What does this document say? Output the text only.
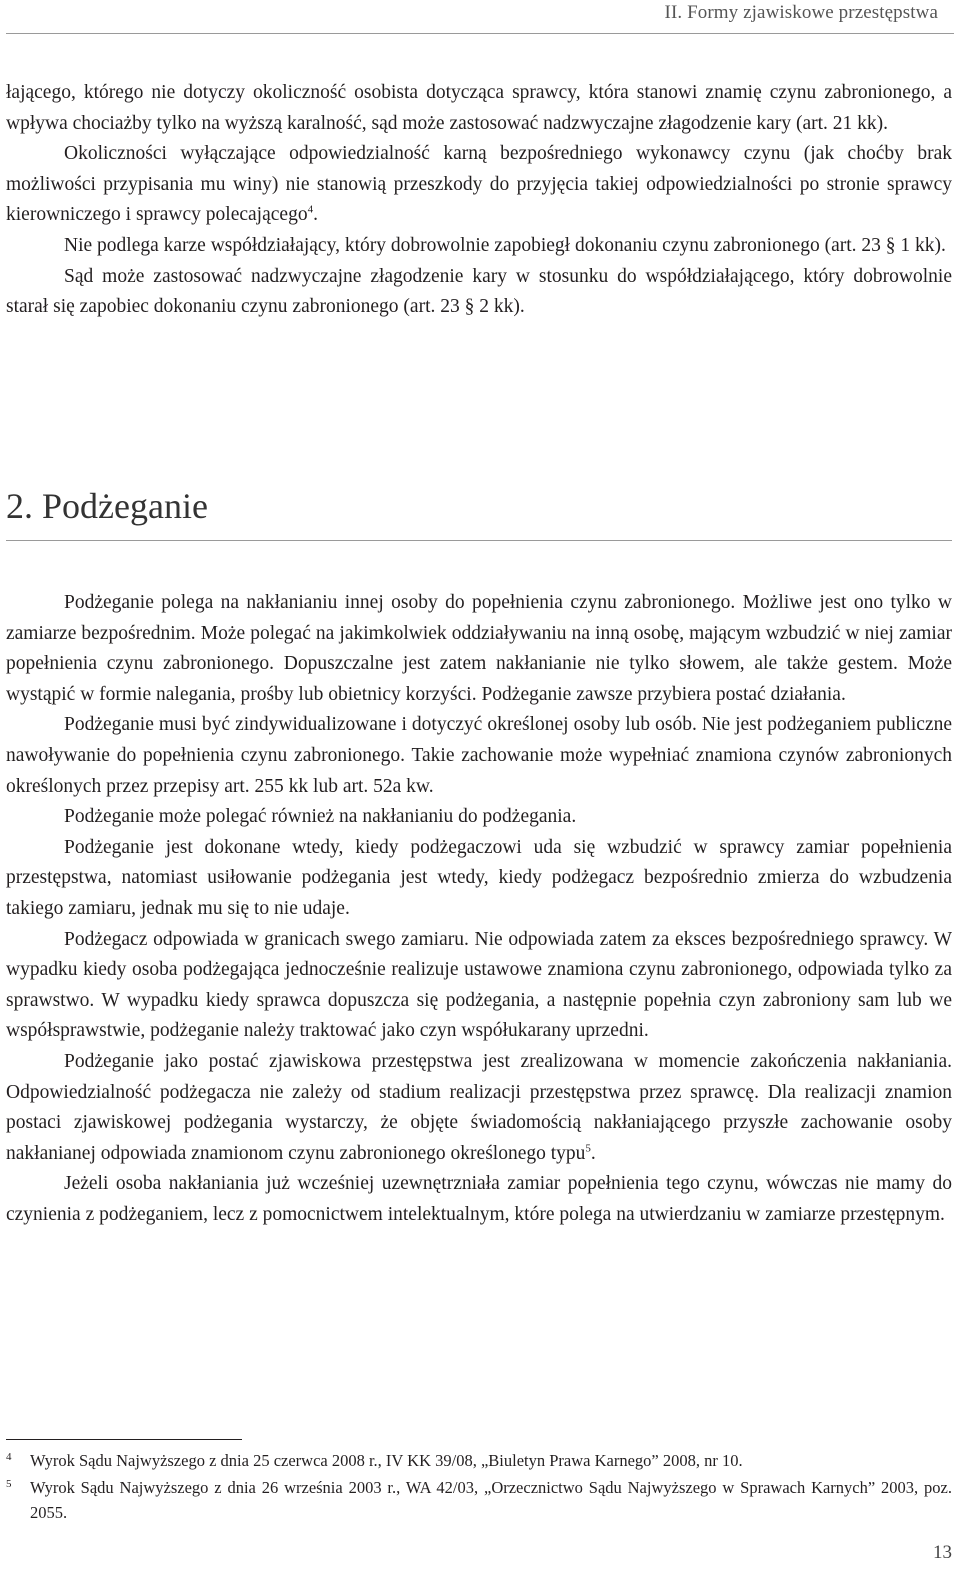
II. Formy zjawiskowe przestępstwa

łającego, którego nie dotyczy okoliczność osobista dotycząca sprawcy, która stanowi znamię czynu zabronionego, a wpływa chociażby tylko na wyższą karalność, sąd może zastosować nadzwyczajne złagodzenie kary (art. 21 kk).

Okoliczności wyłączające odpowiedzialność karną bezpośredniego wykonawcy czynu (jak choćby brak możliwości przypisania mu winy) nie stanowią przeszkody do przyjęcia takiej odpowiedzialności po stronie sprawcy kierowniczego i sprawcy polecającego$^4$.

Nie podlega karze współdziałający, który dobrowolnie zapobiegł dokonaniu czynu zabronionego (art. 23 § 1 kk).

Sąd może zastosować nadzwyczajne złagodzenie kary w stosunku do współdziałającego, który dobrowolnie starał się zapobiec dokonaniu czynu zabronionego (art. 23 § 2 kk).

2. Podżeganie

Podżeganie polega na nakłanianiu innej osoby do popełnienia czynu zabronionego. Możliwe jest ono tylko w zamiarze bezpośrednim. Może polegać na jakimkolwiek oddziaływaniu na inną osobę, mającym wzbudzić w niej zamiar popełnienia czynu zabronionego. Dopuszczalne jest zatem nakłanianie nie tylko słowem, ale także gestem. Może wystąpić w formie nalegania, prośby lub obietnicy korzyści. Podżeganie zawsze przybiera postać działania.

Podżeganie musi być zindywidualizowane i dotyczyć określonej osoby lub osób. Nie jest podżeganiem publiczne nawoływanie do popełnienia czynu zabronionego. Takie zachowanie może wypełniać znamiona czynów zabronionych określonych przez przepisy art. 255 kk lub art. 52a kw.

Podżeganie może polegać również na nakłanianiu do podżegania.

Podżeganie jest dokonane wtedy, kiedy podżegaczowi uda się wzbudzić w sprawcy zamiar popełnienia przestępstwa, natomiast usiłowanie podżegania jest wtedy, kiedy podżegacz bezpośrednio zmierza do wzbudzenia takiego zamiaru, jednak mu się to nie udaje.

Podżegacz odpowiada w granicach swego zamiaru. Nie odpowiada zatem za eksces bezpośredniego sprawcy. W wypadku kiedy osoba podżegająca jednocześnie realizuje ustawowe znamiona czynu zabronionego, odpowiada tylko za sprawstwo. W wypadku kiedy sprawca dopuszcza się podżegania, a następnie popełnia czyn zabroniony sam lub we współsprawstwie, podżeganie należy traktować jako czyn współukarany uprzedni.

Podżeganie jako postać zjawiskowa przestępstwa jest zrealizowana w momencie zakończenia nakłaniania. Odpowiedzialność podżegacza nie zależy od stadium realizacji przestępstwa przez sprawcę. Dla realizacji znamion postaci zjawiskowej podżegania wystarczy, że objęte świadomością nakłaniającego przyszłe zachowanie osoby nakłanianej odpowiada znamionom czynu zabronionego określonego typu$^5$.

Jeżeli osoba nakłaniania już wcześniej uzewnętrzniała zamiar popełnienia tego czynu, wówczas nie mamy do czynienia z podżeganiem, lecz z pomocnictwem intelektualnym, które polega na utwierdzaniu w zamiarze przestępnym.

4 Wyrok Sądu Najwyższego z dnia 25 czerwca 2008 r., IV KK 39/08, „Biuletyn Prawa Karnego” 2008, nr 10.
5 Wyrok Sądu Najwyższego z dnia 26 września 2003 r., WA 42/03, „Orzecznictwo Sądu Najwyższego w Sprawach Karnych” 2003, poz. 2055.
13
